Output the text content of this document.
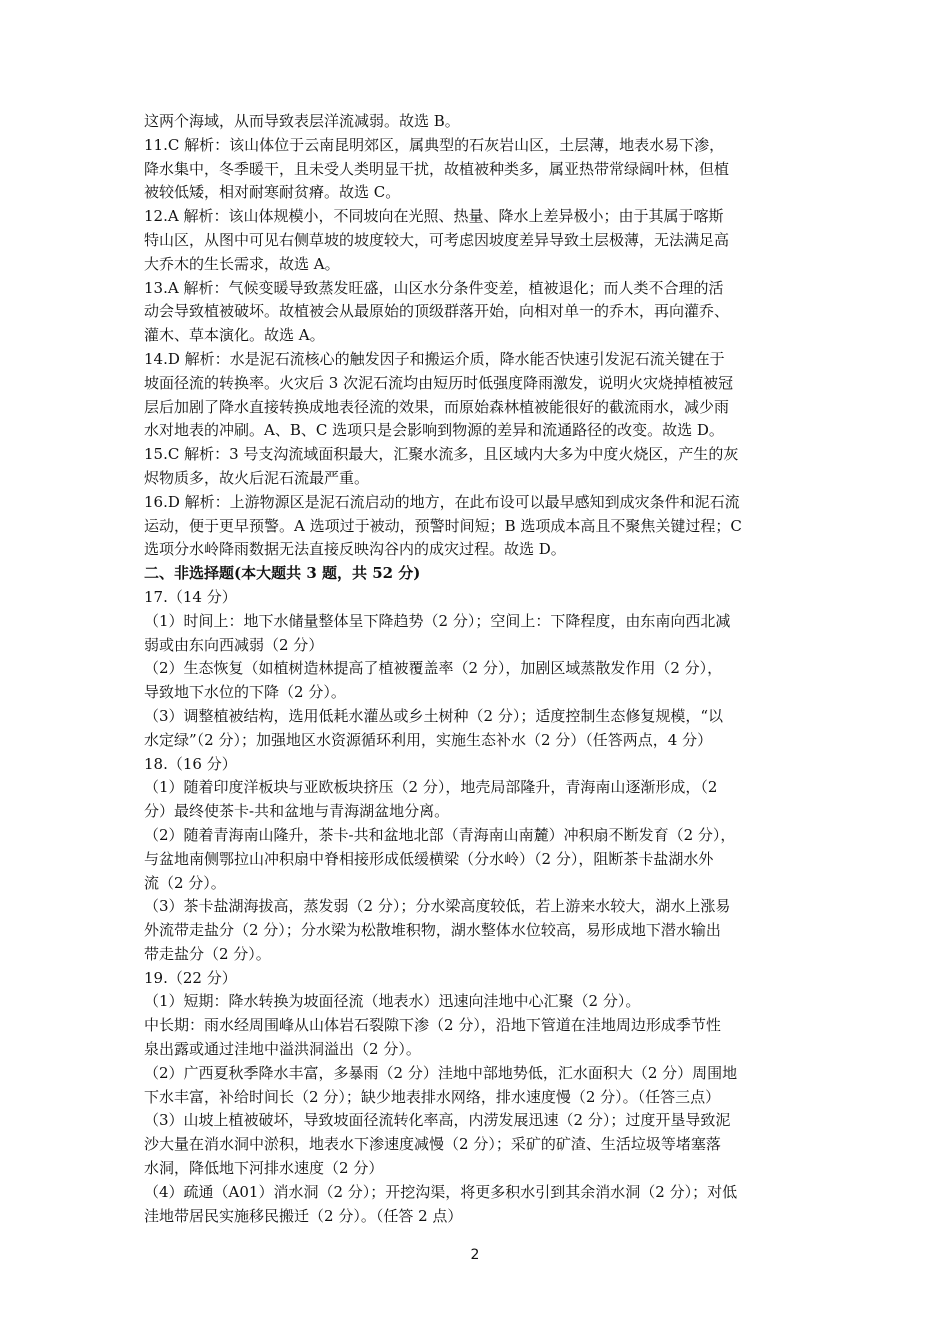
这两个海域，从而导致表层洋流减弱。故选 B。
11.C 解析：该山体位于云南昆明郊区，属典型的石灰岩山区，土层薄，地表水易下渗，
降水集中，冬季暖干，且未受人类明显干扰，故植被种类多，属亚热带常绿阔叶林，但植
被较低矮，相对耐寒耐贫瘠。故选 C。
12.A 解析：该山体规模小，不同坡向在光照、热量、降水上差异极小；由于其属于喀斯
特山区，从图中可见右侧草坡的坡度较大，可考虑因坡度差异导致土层极薄，无法满足高
大乔木的生长需求，故选 A。
13.A 解析：气候变暖导致蒸发旺盛，山区水分条件变差，植被退化；而人类不合理的活
动会导致植被破坏。故植被会从最原始的顶级群落开始，向相对单一的乔木，再向灌乔、
灌木、草本演化。故选 A。
14.D 解析：水是泥石流核心的触发因子和搬运介质，降水能否快速引发泥石流关键在于
坡面径流的转换率。火灾后 3 次泥石流均由短历时低强度降雨激发，说明火灾烧掉植被冠
层后加剧了降水直接转换成地表径流的效果，而原始森林植被能很好的截流雨水，减少雨
水对地表的冲刷。A、B、C 选项只是会影响到物源的差异和流通路径的改变。故选 D。
15.C 解析：3 号支沟流域面积最大，汇聚水流多，且区域内大多为中度火烧区，产生的灰
烬物质多，故火后泥石流最严重。
16.D 解析：上游物源区是泥石流启动的地方，在此布设可以最早感知到成灾条件和泥石流
运动，便于更早预警。A 选项过于被动，预警时间短；B 选项成本高且不聚焦关键过程；C
选项分水岭降雨数据无法直接反映沟谷内的成灾过程。故选 D。
二、非选择题(本大题共 3 题，共 52 分)
17.（14 分）
（1）时间上：地下水储量整体呈下降趋势（2 分）；空间上：下降程度，由东南向西北减
弱或由东向西减弱（2 分）
（2）生态恢复（如植树造林提高了植被覆盖率（2 分），加剧区域蒸散发作用（2 分），
导致地下水位的下降（2 分）。
（3）调整植被结构，选用低耗水灌丛或乡土树种（2 分）；适度控制生态修复规模，“以
水定绿”（2 分）；加强地区水资源循环利用，实施生态补水（2 分）（任答两点，4 分）
18.（16 分）
（1）随着印度洋板块与亚欧板块挤压（2 分），地壳局部隆升，青海南山逐渐形成，（2
分）最终使茶卡-共和盆地与青海湖盆地分离。
（2）随着青海南山隆升，茶卡-共和盆地北部（青海南山南麓）冲积扇不断发育（2 分），
与盆地南侧鄂拉山冲积扇中脊相接形成低缓横梁（分水岭）（2 分），阻断茶卡盐湖水外
流（2 分）。
（3）茶卡盐湖海拔高，蒸发弱（2 分）；分水梁高度较低，若上游来水较大，湖水上涨易
外流带走盐分（2 分）；分水梁为松散堆积物，湖水整体水位较高，易形成地下潜水输出
带走盐分（2 分）。
19.（22 分）
（1）短期：降水转换为坡面径流（地表水）迅速向洼地中心汇聚（2 分）。
中长期：雨水经周围峰从山体岩石裂隙下渗（2 分），沿地下管道在洼地周边形成季节性
泉出露或通过洼地中溢洪洞溢出（2 分）。
（2）广西夏秋季降水丰富，多暴雨（2 分）洼地中部地势低，汇水面积大（2 分）周围地
下水丰富，补给时间长（2 分）；缺少地表排水网络，排水速度慢（2 分）。（任答三点）
（3）山坡上植被破坏，导致坡面径流转化率高，内涝发展迅速（2 分）；过度开垦导致泥
沙大量在消水洞中淤积，地表水下渗速度减慢（2 分）；采矿的矿渣、生活垃圾等堵塞落
水洞，降低地下河排水速度（2 分）
（4）疏通（A01）消水洞（2 分）；开挖沟渠，将更多积水引到其余消水洞（2 分）；对低
洼地带居民实施移民搬迁（2 分）。（任答 2 点）
2
